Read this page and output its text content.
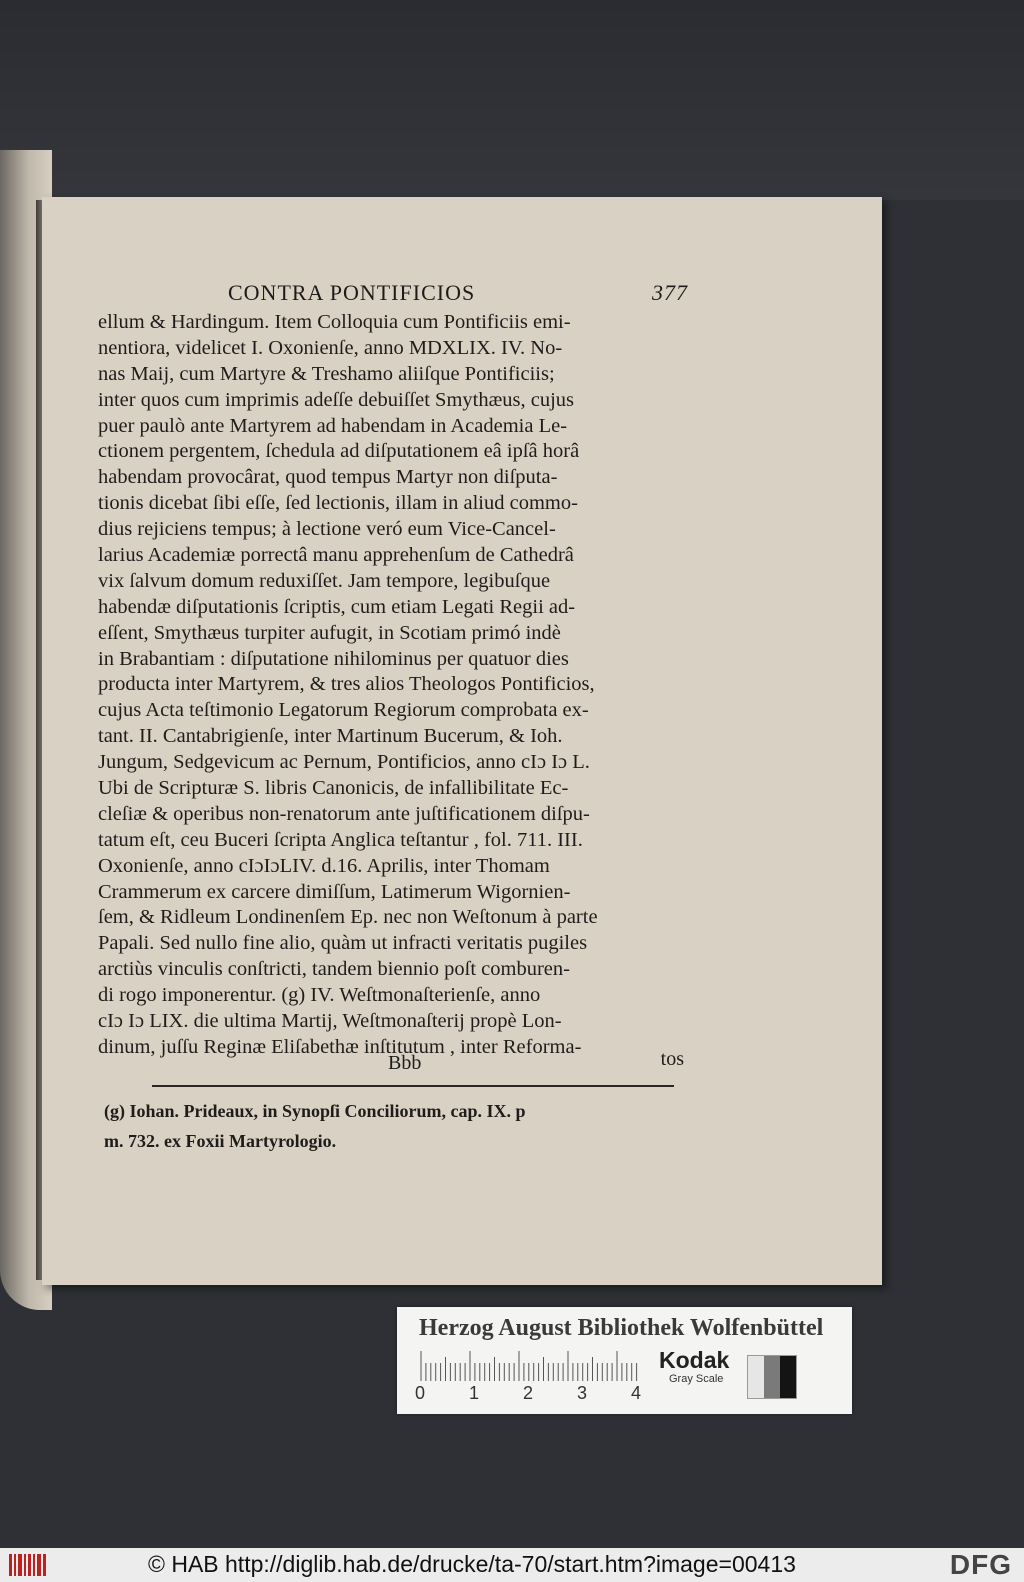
CONTRA PONTIFICIOS	377
ellum & Hardingum. Item Colloquia cum Pontificiis emi-
nentiora, videlicet I. Oxonienſe, anno MDXLIX. IV. No-
nas Maij, cum Martyre & Treshamo aliiſque Pontificiis;
inter quos cum imprimis adeſſe debuiſſet Smythæus, cujus
puer paulò ante Martyrem ad habendam in Academia Le-
ctionem pergentem, ſchedula ad diſputationem eâ ipſâ horâ
habendam provocârat, quod tempus Martyr non diſputa-
tionis dicebat ſibi eſſe, ſed lectionis, illam in aliud commo-
dius rejiciens tempus; à lectione veró eum Vice-Cancel-
larius Academiæ porrectâ manu apprehenſum de Cathedrâ
vix ſalvum domum reduxiſſet. Jam tempore, legibuſque
habendæ diſputationis ſcriptis, cum etiam Legati Regii ad-
eſſent, Smythæus turpiter aufugit, in Scotiam primó indè
in Brabantiam : diſputatione nihilominus per quatuor dies
producta inter Martyrem, & tres alios Theologos Pontificios,
cujus Acta teſtimonio Legatorum Regiorum comprobata ex-
tant. II. Cantabrigienſe, inter Martinum Bucerum, & Ioh.
Jungum, Sedgevicum ac Pernum, Pontificios, anno cIɔ Iɔ L.
Ubi de Scripturæ S. libris Canonicis, de infallibilitate Ec-
cleſiæ & operibus non-renatorum ante juſtificationem diſpu-
tatum eſt, ceu Buceri ſcripta Anglica teſtantur , fol. 711. III.
Oxonienſe, anno cIɔIɔLIV. d.16. Aprilis, inter Thomam
Crammerum ex carcere dimiſſum, Latimerum Wigornien-
ſem, & Ridleum Londinenſem Ep. nec non Weſtonum à parte
Papali. Sed nullo fine alio, quàm ut infracti veritatis pugiles
arctiùs vinculis conſtricti, tandem biennio poſt comburen-
di rogo imponerentur. (g) IV. Weſtmonaſterienſe, anno
cIɔ Iɔ LIX. die ultima Martij, Weſtmonaſterij propè Lon-
dinum, juſſu Reginæ Eliſabethæ inſtitutum , inter Reforma-
Bbb	tos
(g) Iohan. Prideaux, in Synopſi Conciliorum, cap. IX. p
m. 732. ex Foxii Martyrologio.
Herzog August Bibliothek Wolfenbüttel
0 1 2 3 4
Kodak
Gray Scale
© HAB http://diglib.hab.de/drucke/ta-70/start.htm?image=00413	DFG
